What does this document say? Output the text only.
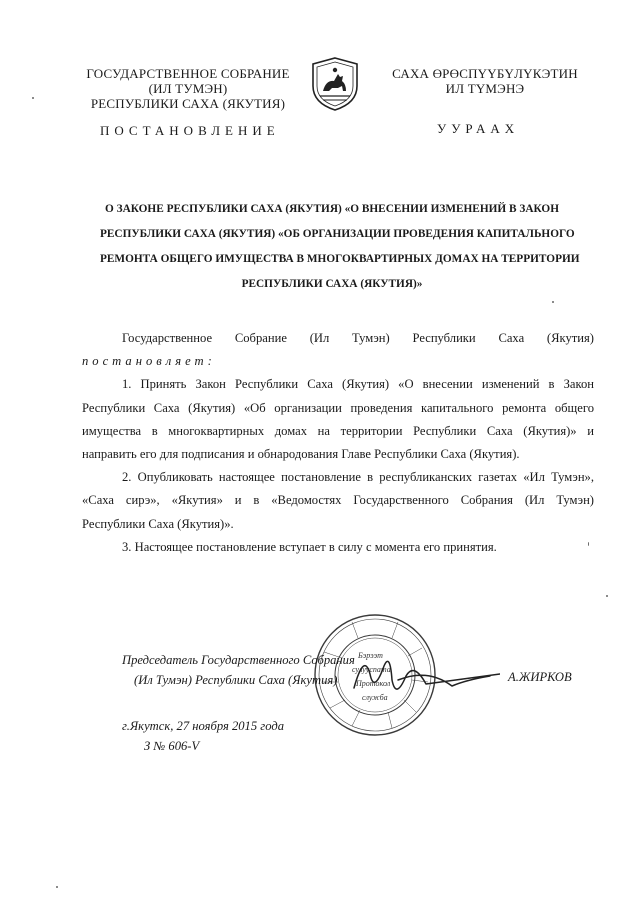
ГОСУДАРСТВЕННОЕ СОБРАНИЕ
(ИЛ ТУМЭН)
РЕСПУБЛИКИ САХА (ЯКУТИЯ)
САХА ӨРӨСПҮҮБҮЛҮКЭТИН
ИЛ ТҮМЭНЭ
ПОСТАНОВЛЕНИЕ	УУРААХ
О ЗАКОНЕ РЕСПУБЛИКИ САХА (ЯКУТИЯ) «О ВНЕСЕНИИ ИЗМЕНЕНИЙ В ЗАКОН
РЕСПУБЛИКИ САХА (ЯКУТИЯ) «ОБ ОРГАНИЗАЦИИ ПРОВЕДЕНИЯ КАПИТАЛЬНОГО
РЕМОНТА ОБЩЕГО ИМУЩЕСТВА В МНОГОКВАРТИРНЫХ ДОМАХ НА ТЕРРИТОРИИ
РЕСПУБЛИКИ САХА (ЯКУТИЯ)»
Государственное Собрание (Ил Тумэн) Республики Саха (Якутия)
постановляет:
1. Принять Закон Республики Саха (Якутия) «О внесении изменений в Закон
Республики Саха (Якутия) «Об организации проведения капитального ремонта общего
имущества в многоквартирных домах на территории Республики Саха (Якутия)» и
направить его для подписания и обнародования Главе Республики Саха (Якутия).
2. Опубликовать настоящее постановление в республиканских газетах «Ил Тумэн»,
«Саха сирэ», «Якутия» и в «Ведомостях Государственного Собрания (Ил Тумэн)
Республики Саха (Якутия)».
3. Настоящее постановление вступает в силу с момента его принятия.
Бэрээт
сулууспата
Протокол
служба
Председатель Государственного Собрания
(Ил Тумэн) Республики Саха (Якутия)	А.ЖИРКОВ
г.Якутск, 27 ноября 2015 года
З № 606-V
